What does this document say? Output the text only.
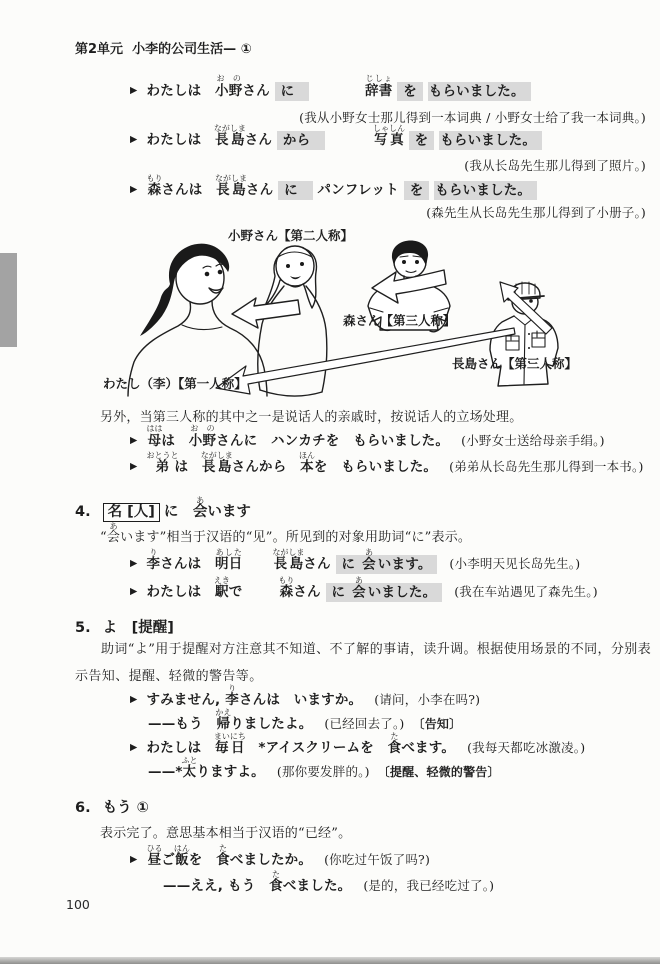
第2单元 小李的公司生活— ①
▶ わたしは　小野お のさん  に　	辞書じしょ  を  もらいました。
(我从小野女士那儿得到一本词典 / 小野女士给了我一本词典。)
▶ わたしは　長島ながしまさん  から　	写真しゃしん  を  もらいました。
(我从长岛先生那儿得到了照片。)
▶ 森もりさんは　長島ながしまさん  に　 パンフレット  を  もらいました。
(森先生从长岛先生那儿得到了小册子。)
小野さん【第二人称】
森さん【第三人称】
長島さん【第三人称】
わたし（李）【第一人称】
另外，当第三人称的其中之一是说话人的亲戚时，按说话人的立场处理。
▶ 母ははは　小野お のさんに　ハンカチを　もらいました。 (小野女士送给母亲手绢。)
▶ 弟おとうとは　長島ながしまさんから　本ほんを　もらいました。 (弟弟从长岛先生那儿得到一本书。)
4. 名 [人] に　会あいます
“会あいます”相当于汉语的“见”。所见到的对象用助词“に”表示。
▶ 李りさんは　明日あした長島ながしまさん  に 会あいます。 (小李明天见长岛先生。)
▶ わたしは　駅えきで	森もりさん  に 会あいました。 (我在车站遇见了森先生。)
5. よ　[提醒]
助词“よ”用于提醒对方注意其不知道、不了解的事请，读升调。根据使用场景的不同，分别表示告知、提醒、轻微的警告等。
▶ すみません, 李りさんは　いますか。 (请问，小李在吗?)
——もう　帰かえりましたよ。 (已经回去了。) 〔告知〕
▶ わたしは　毎日まいにち　*アイスクリームを　食たべます。 (我每天都吃冰激凌。)
——*太ふとりますよ。 (那你要发胖的。) 〔提醒、轻微的警告〕
6. もう ①
表示完了。意思基本相当于汉语的“已经”。
▶ 昼ひるご飯はんを　食たべましたか。 (你吃过午饭了吗?)
——ええ, もう　 食たべました。 (是的，我已经吃过了。)
100
